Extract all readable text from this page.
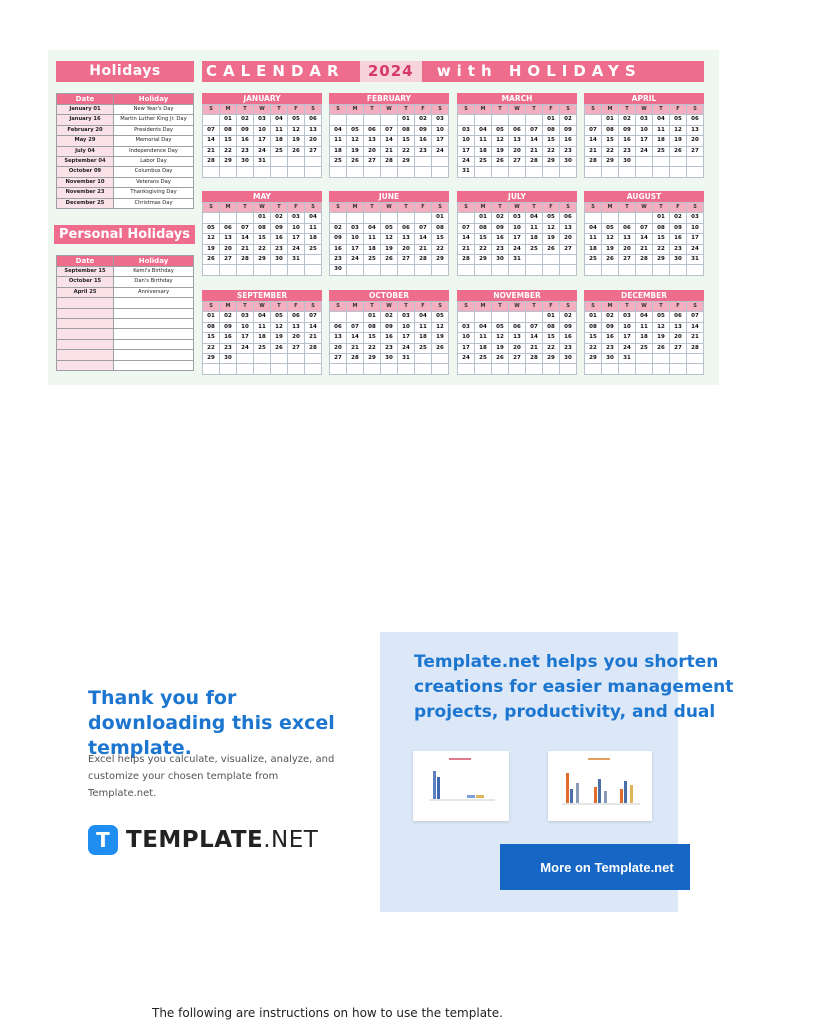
Holidays	CALENDAR 2024 with HOLIDAYS
Date	Holiday
January 01	New Year's Day
January 16	Martin Luther King Jr. Day
February 20	Presidents Day
May 29	Memorial Day
July 04	Independence Day
September 04	Labor Day
October 09	Columbus Day
November 10	Veterans Day
November 23	Thanksgiving Day
December 25	Christmas Day
Personal Holidays
Date	Holiday
September 15	Kemi's Birthday
October 15	Dan's Birthday
April 25	Anniversary

JANUARY
S	M	T	W	T	F	S
	01	02	03	04	05	06
07	08	09	10	11	12	13
14	15	16	17	18	19	20
21	22	23	24	25	26	27
28	29	30	31			

FEBRUARY
S	M	T	W	T	F	S
				01	02	03
04	05	06	07	08	09	10
11	12	13	14	15	16	17
18	19	20	21	22	23	24
25	26	27	28	29		

MARCH
S	M	T	W	T	F	S
					01	02
03	04	05	06	07	08	09
10	11	12	13	14	15	16
17	18	19	20	21	22	23
24	25	26	27	28	29	30
31						
APRIL
S	M	T	W	T	F	S
	01	02	03	04	05	06
07	08	09	10	11	12	13
14	15	16	17	18	19	20
21	22	23	24	25	26	27
28	29	30				

MAY
S	M	T	W	T	F	S
			01	02	03	04
05	06	07	08	09	10	11
12	13	14	15	16	17	18
19	20	21	22	23	24	25
26	27	28	29	30	31	

JUNE
S	M	T	W	T	F	S
						01
02	03	04	05	06	07	08
09	10	11	12	13	14	15
16	17	18	19	20	21	22
23	24	25	26	27	28	29
30						
JULY
S	M	T	W	T	F	S
	01	02	03	04	05	06
07	08	09	10	11	12	13
14	15	16	17	18	19	20
21	22	23	24	25	26	27
28	29	30	31			

AUGUST
S	M	T	W	T	F	S
				01	02	03
04	05	06	07	08	09	10
11	12	13	14	15	16	17
18	19	20	21	22	23	24
25	26	27	28	29	30	31

SEPTEMBER
S	M	T	W	T	F	S
01	02	03	04	05	06	07
08	09	10	11	12	13	14
15	16	17	18	19	20	21
22	23	24	25	26	27	28
29	30					

OCTOBER
S	M	T	W	T	F	S
		01	02	03	04	05
06	07	08	09	10	11	12
13	14	15	16	17	18	19
20	21	22	23	24	25	26
27	28	29	30	31		

NOVEMBER
S	M	T	W	T	F	S
					01	02
03	04	05	06	07	08	09
10	11	12	13	14	15	16
17	18	19	20	21	22	23
24	25	26	27	28	29	30

DECEMBER
S	M	T	W	T	F	S
01	02	03	04	05	06	07
08	09	10	11	12	13	14
15	16	17	18	19	20	21
22	23	24	25	26	27	28
29	30	31				

Thank you for downloading this excel template.

Excel helps you calculate, visualize, analyze, and customize your chosen template from Template.net.

T TEMPLATE.NET

Template.net helps you shorten
creations for easier management
projects, productivity, and dual

More on Template.net

The following are instructions on how to use the template.
